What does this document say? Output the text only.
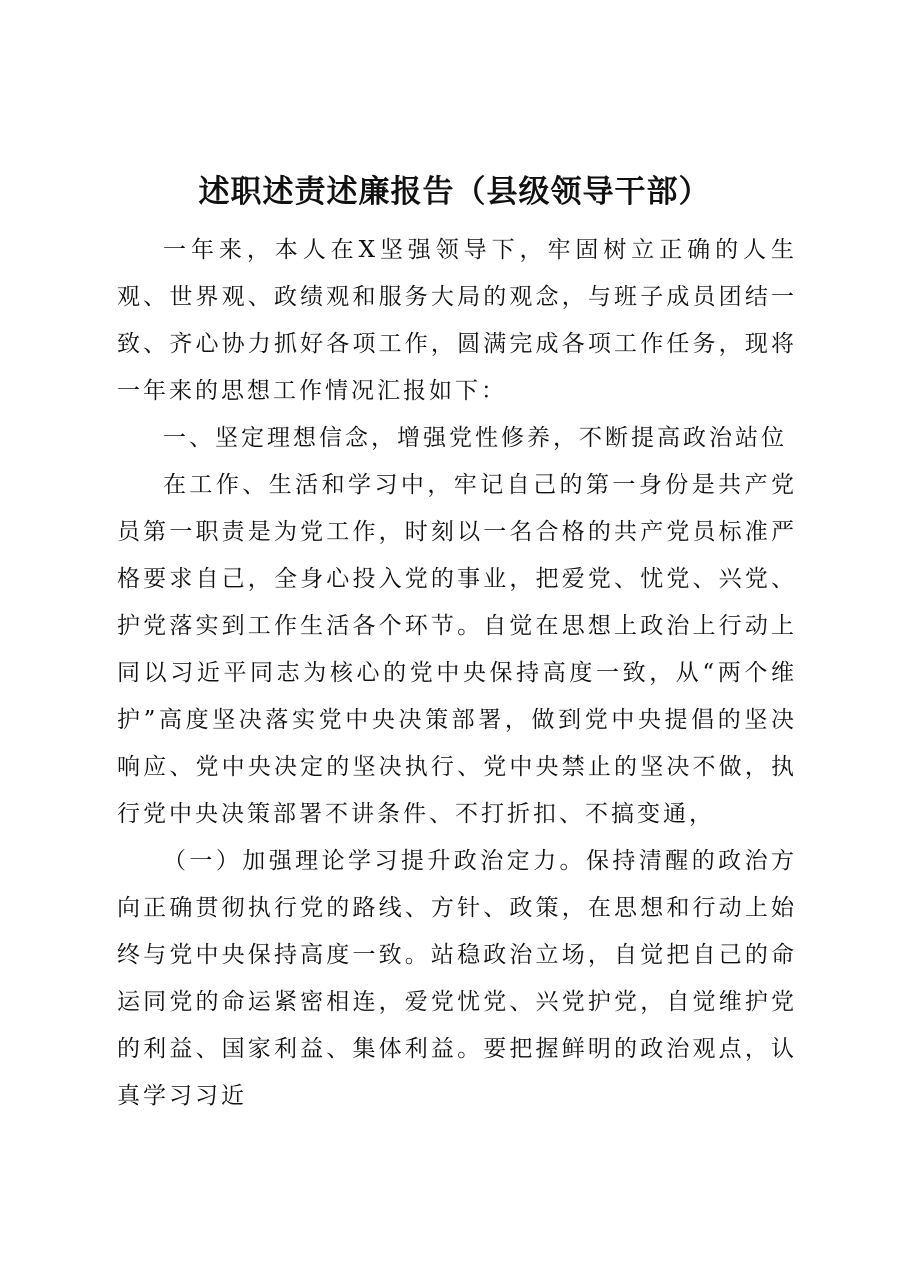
述职述责述廉报告（县级领导干部）

一年来，本人在X坚强领导下，牢固树立正确的人生观、世界观、政绩观和服务大局的观念，与班子成员团结一致、齐心协力抓好各项工作，圆满完成各项工作任务，现将一年来的思想工作情况汇报如下：

一、坚定理想信念，增强党性修养，不断提高政治站位

在工作、生活和学习中，牢记自己的第一身份是共产党员第一职责是为党工作，时刻以一名合格的共产党员标准严格要求自己，全身心投入党的事业，把爱党、忧党、兴党、护党落实到工作生活各个环节。自觉在思想上政治上行动上同以习近平同志为核心的党中央保持高度一致，从“两个维护”高度坚决落实党中央决策部署，做到党中央提倡的坚决响应、党中央决定的坚决执行、党中央禁止的坚决不做，执行党中央决策部署不讲条件、不打折扣、不搞变通，

（一）加强理论学习提升政治定力。保持清醒的政治方向正确贯彻执行党的路线、方针、政策，在思想和行动上始终与党中央保持高度一致。站稳政治立场，自觉把自己的命运同党的命运紧密相连，爱党忧党、兴党护党，自觉维护党的利益、国家利益、集体利益。要把握鲜明的政治观点，认真学习习近
